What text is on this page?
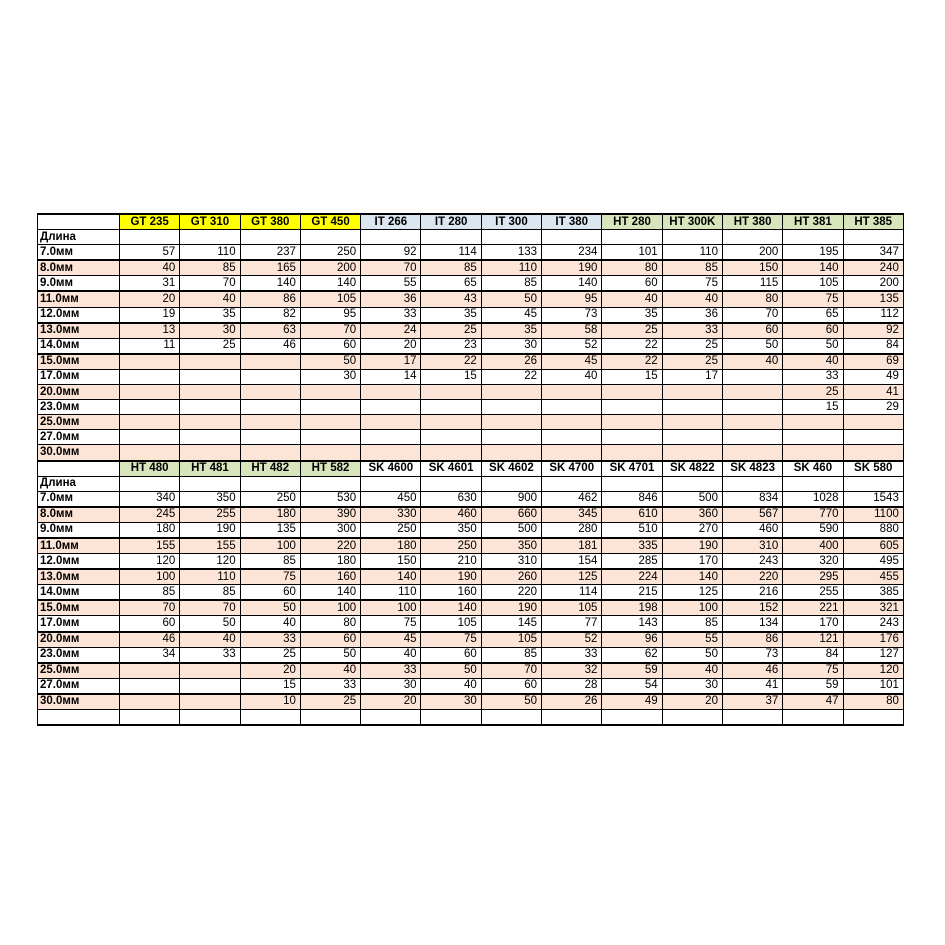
	GT 235	GT 310	GT 380	GT 450	IT 266	IT 280	IT 300	IT 380	HT 280	HT 300K	HT 380	HT 381	HT 385
Длина													
7.0мм	57	110	237	250	92	114	133	234	101	110	200	195	347
8.0мм	40	85	165	200	70	85	110	190	80	85	150	140	240
9.0мм	31	70	140	140	55	65	85	140	60	75	115	105	200
11.0мм	20	40	86	105	36	43	50	95	40	40	80	75	135
12.0мм	19	35	82	95	33	35	45	73	35	36	70	65	112
13.0мм	13	30	63	70	24	25	35	58	25	33	60	60	92
14.0мм	11	25	46	60	20	23	30	52	22	25	50	50	84
15.0мм				50	17	22	26	45	22	25	40	40	69
17.0мм				30	14	15	22	40	15	17		33	49
20.0мм												25	41
23.0мм												15	29
25.0мм													
27.0мм													
30.0мм													
	HT 480	HT 481	HT 482	HT 582	SK 4600	SK 4601	SK 4602	SK 4700	SK 4701	SK 4822	SK 4823	SK 460	SK 580
Длина													
7.0мм	340	350	250	530	450	630	900	462	846	500	834	1028	1543
8.0мм	245	255	180	390	330	460	660	345	610	360	567	770	1100
9.0мм	180	190	135	300	250	350	500	280	510	270	460	590	880
11.0мм	155	155	100	220	180	250	350	181	335	190	310	400	605
12.0мм	120	120	85	180	150	210	310	154	285	170	243	320	495
13.0мм	100	110	75	160	140	190	260	125	224	140	220	295	455
14.0мм	85	85	60	140	110	160	220	114	215	125	216	255	385
15.0мм	70	70	50	100	100	140	190	105	198	100	152	221	321
17.0мм	60	50	40	80	75	105	145	77	143	85	134	170	243
20.0мм	46	40	33	60	45	75	105	52	96	55	86	121	176
23.0мм	34	33	25	50	40	60	85	33	62	50	73	84	127
25.0мм			20	40	33	50	70	32	59	40	46	75	120
27.0мм			15	33	30	40	60	28	54	30	41	59	101
30.0мм			10	25	20	30	50	26	49	20	37	47	80
